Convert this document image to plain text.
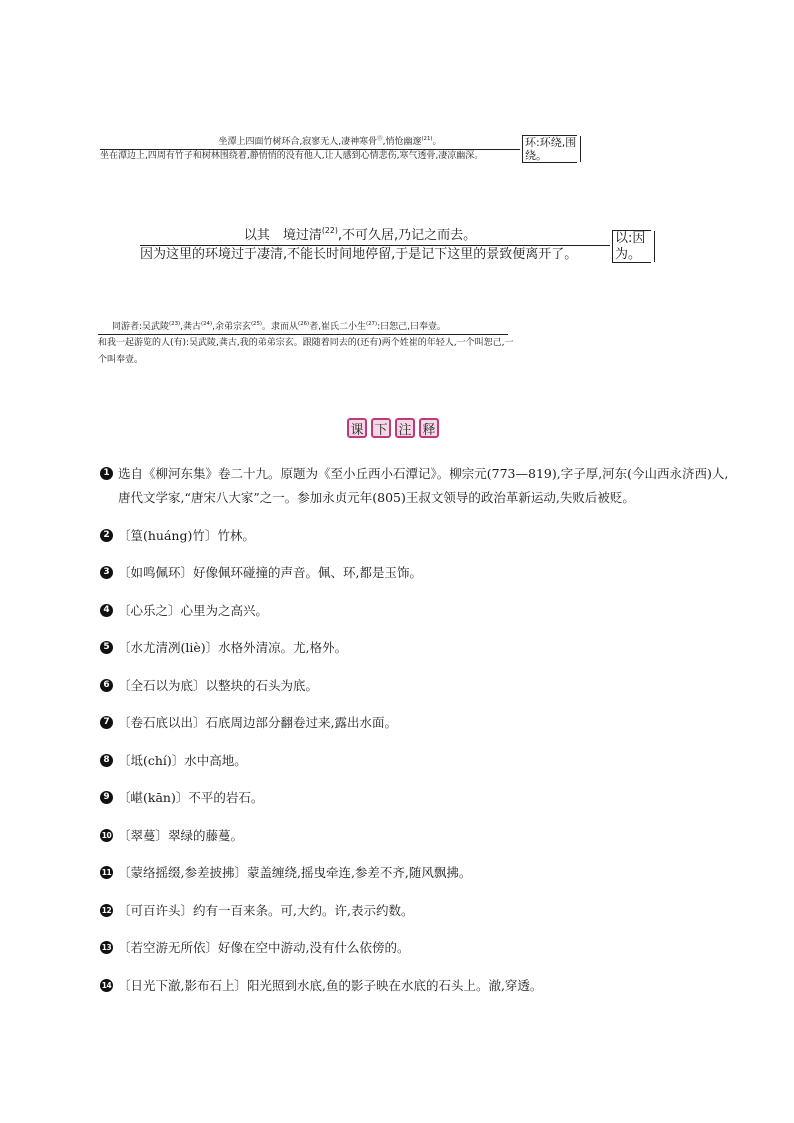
坐潭上四面竹树环合,寂寥无人,凄神寒骨⑮,悄怆幽邃$^{(21)}$。
坐在潭边上,四周有竹子和树林围绕着,静悄悄的没有他人,让人感到心情悲伤,寒气透骨,凄凉幽深。
环:环绕,围绕。
以其　境过清$^{(22)}$,不可久居,乃记之而去。
因为这里的环境过于凄清,不能长时间地停留,于是记下这里的景致便离开了。
以:因为。
同游者:吴武陵$^{(23)}$,龚古$^{(24)}$,余弟宗玄$^{(25)}$。隶而从$^{(26)}$者,崔氏二小生$^{(27)}$:曰恕己,曰奉壹。
和我一起游览的人(有):吴武陵,龚古,我的弟弟宗玄。跟随着同去的(还有)两个姓崔的年轻人,一个叫恕己,一个叫奉壹。
课 下 注 释
1 选自《柳河东集》卷二十九。原题为《至小丘西小石潭记》。柳宗元(773—819),字子厚,河东(今山西永济西)人,唐代文学家,“唐宋八大家”之一。参加永贞元年(805)王叔文领导的政治革新运动,失败后被贬。
2 〔篁(huáng)竹〕竹林。
3 〔如鸣佩环〕好像佩环碰撞的声音。佩、环,都是玉饰。
4 〔心乐之〕心里为之高兴。
5 〔水尤清冽(liè)〕水格外清凉。尤,格外。
6 〔全石以为底〕以整块的石头为底。
7 〔卷石底以出〕石底周边部分翻卷过来,露出水面。
8 〔坻(chí)〕水中高地。
9 〔嵁(kān)〕不平的岩石。
10 〔翠蔓〕翠绿的藤蔓。
11 〔蒙络摇缀,参差披拂〕蒙盖缠绕,摇曳牵连,参差不齐,随风飘拂。
12 〔可百许头〕约有一百来条。可,大约。许,表示约数。
13 〔若空游无所依〕好像在空中游动,没有什么依傍的。
14 〔日光下澈,影布石上〕阳光照到水底,鱼的影子映在水底的石头上。澈,穿透。
